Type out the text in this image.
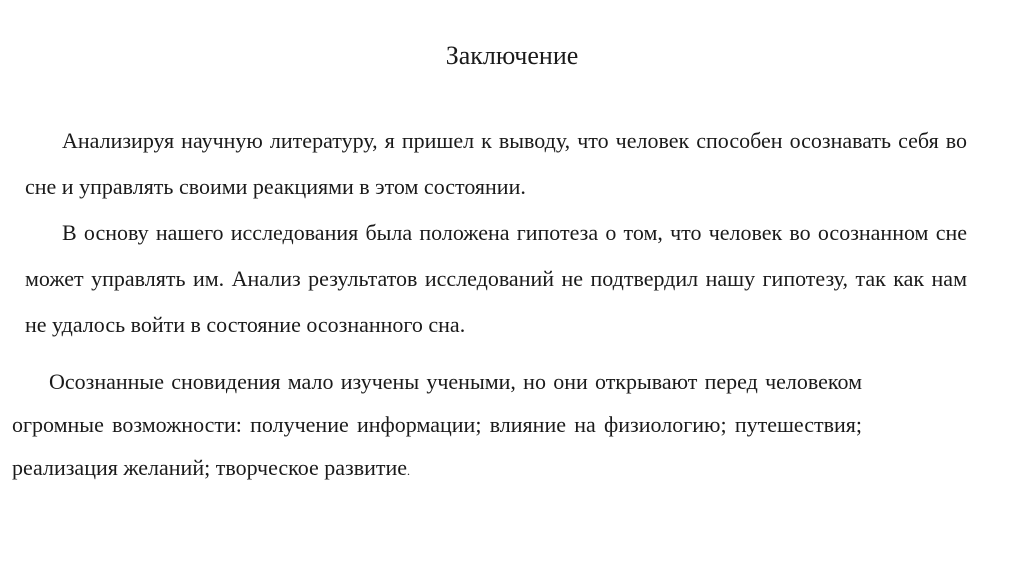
Заключение

Анализируя научную литературу, я пришел к выводу, что человек способен осознавать себя во сне и управлять своими реакциями в этом состоянии.

В основу нашего исследования была положена гипотеза о том, что человек во осознанном сне может управлять им. Анализ результатов исследований не подтвердил нашу гипотезу, так как нам не удалось войти в состояние осознанного сна.

Осознанные сновидения мало изучены учеными, но они открывают перед человеком огромные возможности: получение информации; влияние на физиологию; путешествия; реализация желаний; творческое развитие.
